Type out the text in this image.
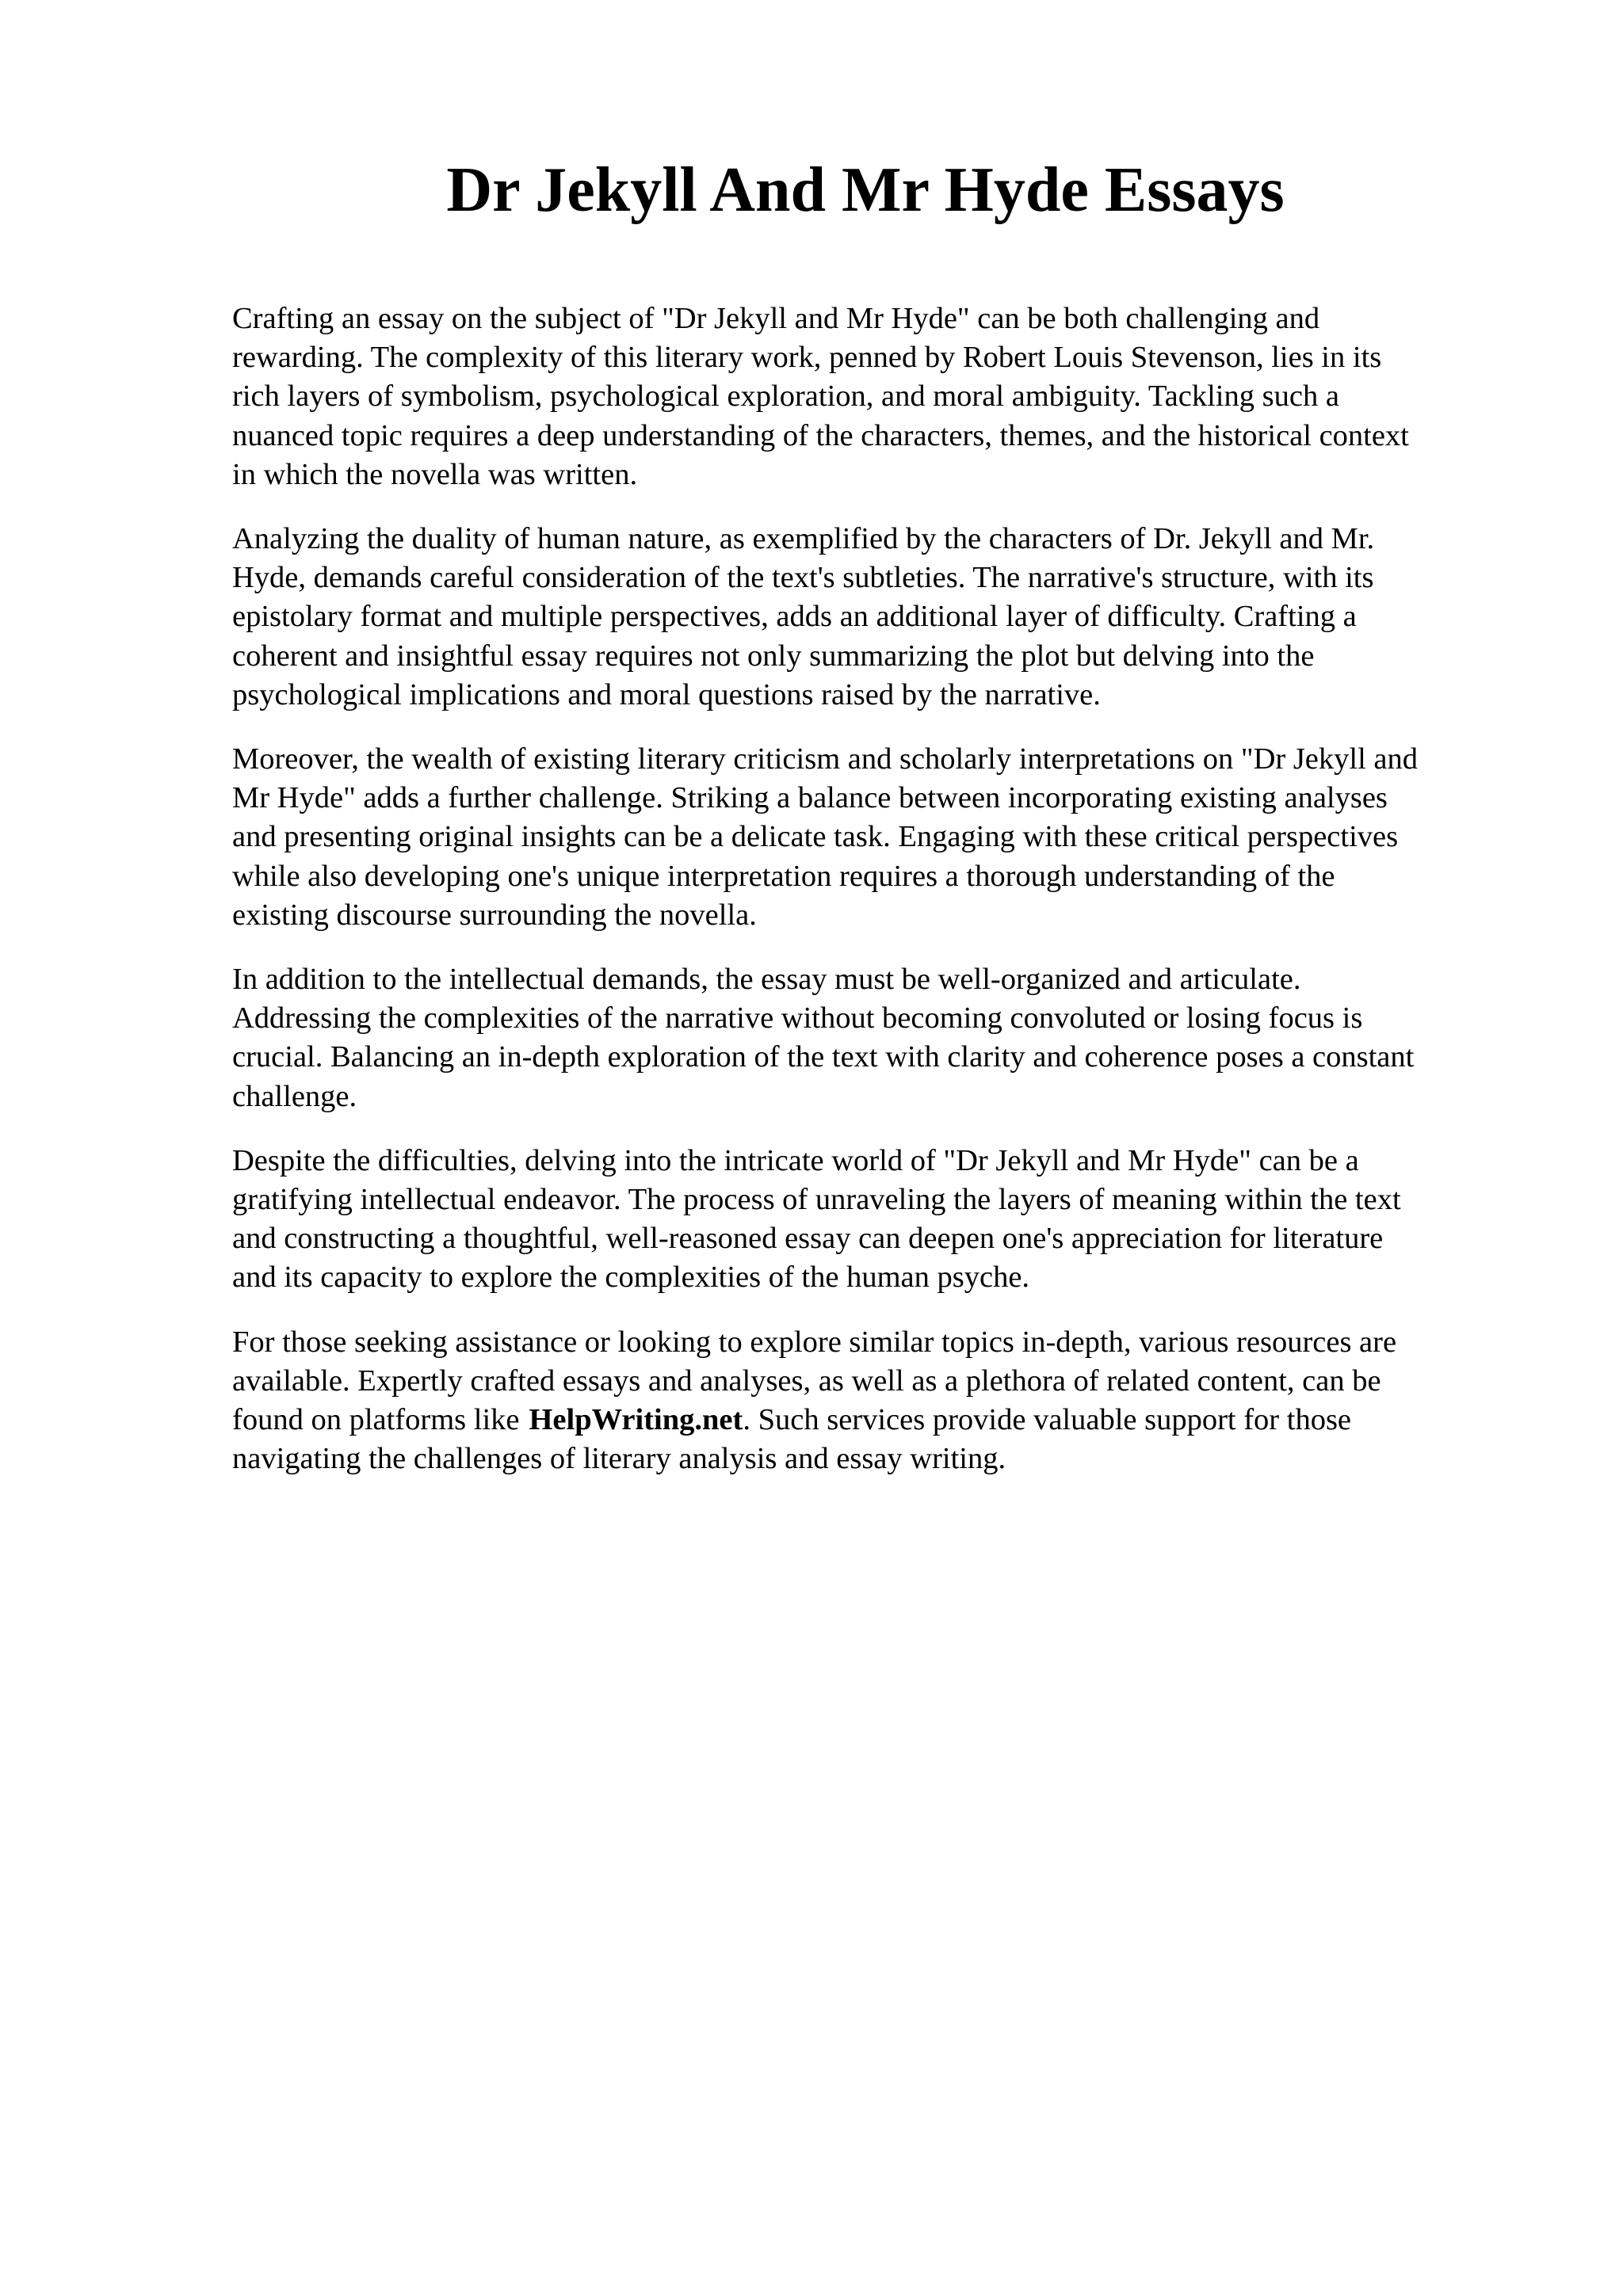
Dr Jekyll And Mr Hyde Essays

Crafting an essay on the subject of "Dr Jekyll and Mr Hyde" can be both challenging and
rewarding. The complexity of this literary work, penned by Robert Louis Stevenson, lies in its
rich layers of symbolism, psychological exploration, and moral ambiguity. Tackling such a
nuanced topic requires a deep understanding of the characters, themes, and the historical context
in which the novella was written.

Analyzing the duality of human nature, as exemplified by the characters of Dr. Jekyll and Mr.
Hyde, demands careful consideration of the text's subtleties. The narrative's structure, with its
epistolary format and multiple perspectives, adds an additional layer of difficulty. Crafting a
coherent and insightful essay requires not only summarizing the plot but delving into the
psychological implications and moral questions raised by the narrative.

Moreover, the wealth of existing literary criticism and scholarly interpretations on "Dr Jekyll and
Mr Hyde" adds a further challenge. Striking a balance between incorporating existing analyses
and presenting original insights can be a delicate task. Engaging with these critical perspectives
while also developing one's unique interpretation requires a thorough understanding of the
existing discourse surrounding the novella.

In addition to the intellectual demands, the essay must be well-organized and articulate.
Addressing the complexities of the narrative without becoming convoluted or losing focus is
crucial. Balancing an in-depth exploration of the text with clarity and coherence poses a constant
challenge.

Despite the difficulties, delving into the intricate world of "Dr Jekyll and Mr Hyde" can be a
gratifying intellectual endeavor. The process of unraveling the layers of meaning within the text
and constructing a thoughtful, well-reasoned essay can deepen one's appreciation for literature
and its capacity to explore the complexities of the human psyche.

For those seeking assistance or looking to explore similar topics in-depth, various resources are
available. Expertly crafted essays and analyses, as well as a plethora of related content, can be
found on platforms like HelpWriting.net. Such services provide valuable support for those
navigating the challenges of literary analysis and essay writing.
